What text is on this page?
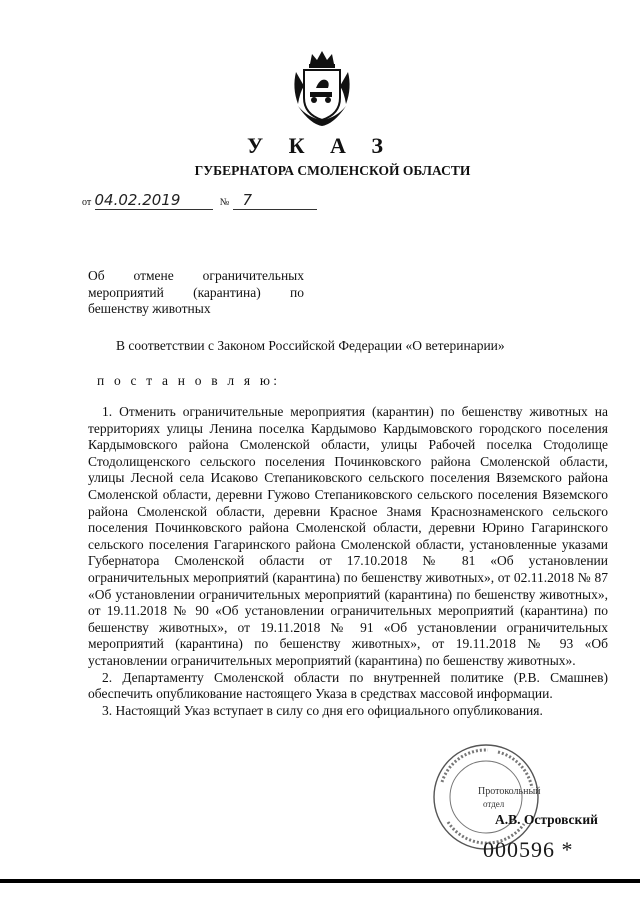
У К А З
ГУБЕРНАТОРА СМОЛЕНСКОЙ ОБЛАСТИ
от 04.02.2019	№ 7
Об отмене ограничительных
мероприятий (карантина) по
бешенству животных
В соответствии с Законом Российской Федерации «О ветеринарии»
п о с т а н о в л я ю:

1. Отменить ограничительные мероприятия (карантин) по бешенству животных на территориях улицы Ленина поселка Кардымово Кардымовского городского поселения Кардымовского района Смоленской области, улицы Рабочей поселка Стодолище Стодолищенского сельского поселения Починковского района Смоленской области, улицы Лесной села Исаково Степаниковского сельского поселения Вяземского района Смоленской области, деревни Гужово Степаниковского сельского поселения Вяземского района Смоленской области, деревни Красное Знамя Краснознаменского сельского поселения Починковского района Смоленской области, деревни Юрино Гагаринского сельского поселения Гагаринского района Смоленской области, установленные указами Губернатора Смоленской области от 17.10.2018 № 81 «Об установлении ограничительных мероприятий (карантина) по бешенству животных», от 02.11.2018 № 87 «Об установлении ограничительных мероприятий (карантина) по бешенству животных», от 19.11.2018 № 90 «Об установлении ограничительных мероприятий (карантина) по бешенству животных», от 19.11.2018 № 91 «Об установлении ограничительных мероприятий (карантина) по бешенству животных», от 19.11.2018 № 93 «Об установлении ограничительных мероприятий (карантина) по бешенству животных».

2. Департаменту Смоленской области по внутренней политике (Р.В. Смашнев) обеспечить опубликование настоящего Указа в средствах массовой информации.

3. Настоящий Указ вступает в силу со дня его официального опубликования.

Протокольный
отдел
А.В. Островский
000596 *
